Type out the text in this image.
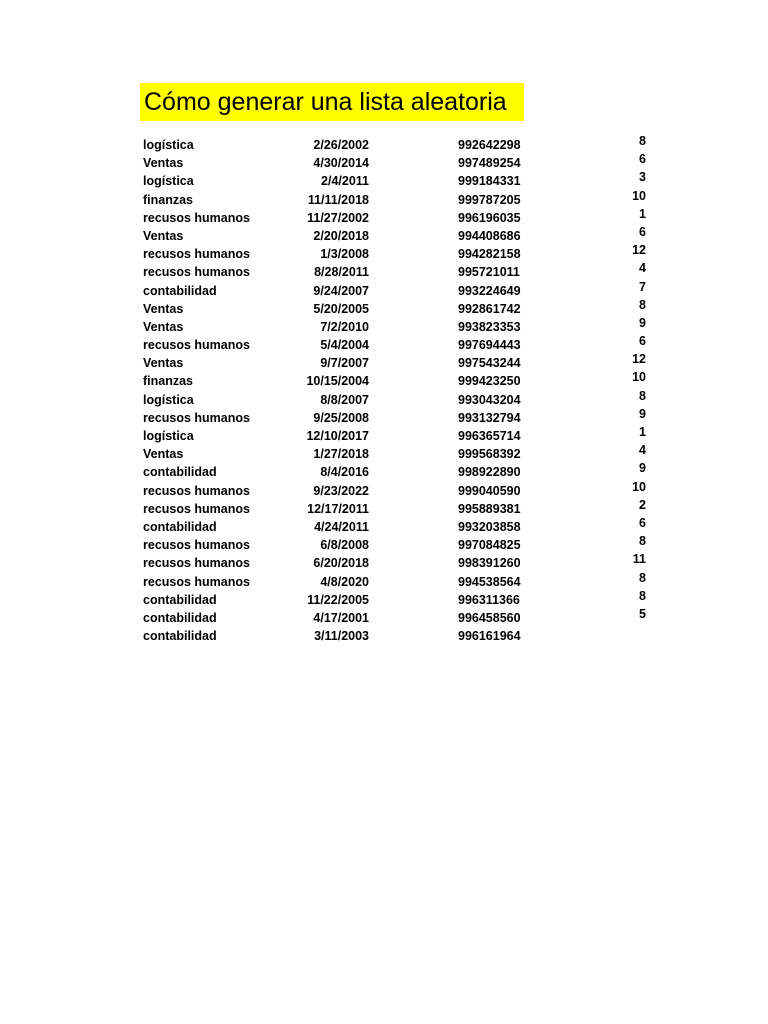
Cómo generar una lista aleatoria
logística	2/26/2002	992642298	8
Ventas	4/30/2014	997489254	6
logística	2/4/2011	999184331	3
finanzas	11/11/2018	999787205	10
recusos humanos	11/27/2002	996196035	1
Ventas	2/20/2018	994408686	6
recusos humanos	1/3/2008	994282158	12
recusos humanos	8/28/2011	995721011	4
contabilidad	9/24/2007	993224649	7
Ventas	5/20/2005	992861742	8
Ventas	7/2/2010	993823353	9
recusos humanos	5/4/2004	997694443	6
Ventas	9/7/2007	997543244	12
finanzas	10/15/2004	999423250	10
logística	8/8/2007	993043204	8
recusos humanos	9/25/2008	993132794	9
logística	12/10/2017	996365714	1
Ventas	1/27/2018	999568392	4
contabilidad	8/4/2016	998922890	9
recusos humanos	9/23/2022	999040590	10
recusos humanos	12/17/2011	995889381	2
contabilidad	4/24/2011	993203858	6
recusos humanos	6/8/2008	997084825	8
recusos humanos	6/20/2018	998391260	11
recusos humanos	4/8/2020	994538564	8
contabilidad	11/22/2005	996311366	8
contabilidad	4/17/2001	996458560	5
contabilidad	3/11/2003	996161964
